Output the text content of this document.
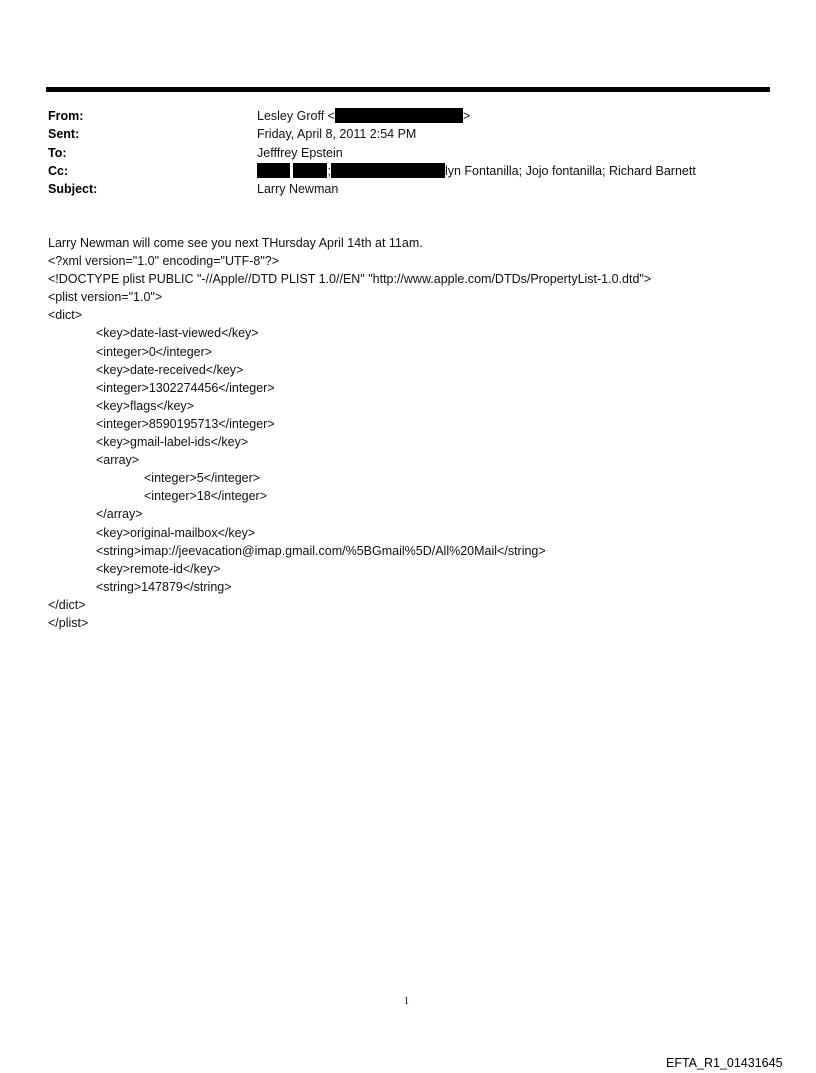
From:	Lesley Groff <	>
Sent:	Friday, April 8, 2011 2:54 PM
To:	Jefffrey Epstein
Cc:	;	lyn Fontanilla; Jojo fontanilla; Richard Barnett
Subject:	Larry Newman
Larry Newman will come see you next THursday April 14th at 11am.
<?xml version="1.0" encoding="UTF-8"?>
<!DOCTYPE plist PUBLIC "-//Apple//DTD PLIST 1.0//EN" "http://www.apple.com/DTDs/PropertyList-1.0.dtd">
<plist version="1.0">
<dict>
<key>date-last-viewed</key>
<integer>0</integer>
<key>date-received</key>
<integer>1302274456</integer>
<key>flags</key>
<integer>8590195713</integer>
<key>gmail-label-ids</key>
<array>
<integer>5</integer>
<integer>18</integer>
</array>
<key>original-mailbox</key>
<string>imap://jeevacation@imap.gmail.com/%5BGmail%5D/All%20Mail</string>
<key>remote-id</key>
<string>147879</string>
</dict>
</plist>
1
EFTA_R1_01431645
